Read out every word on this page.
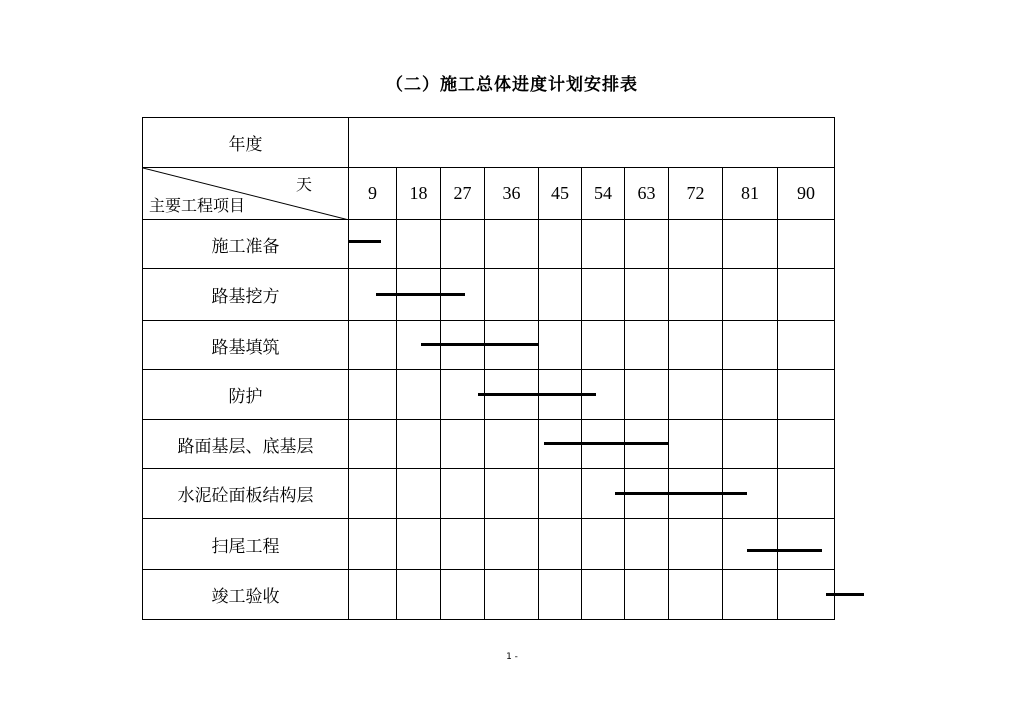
（二）施工总体进度计划安排表
年度										

天
主要工程项目	9	18	27	36	45	54	63	72	81	90
施工准备	

路基挖方	

路基填筑	

防护	

路面基层、底基层	

水泥砼面板结构层	

扫尾工程	

竣工验收	

1 -
